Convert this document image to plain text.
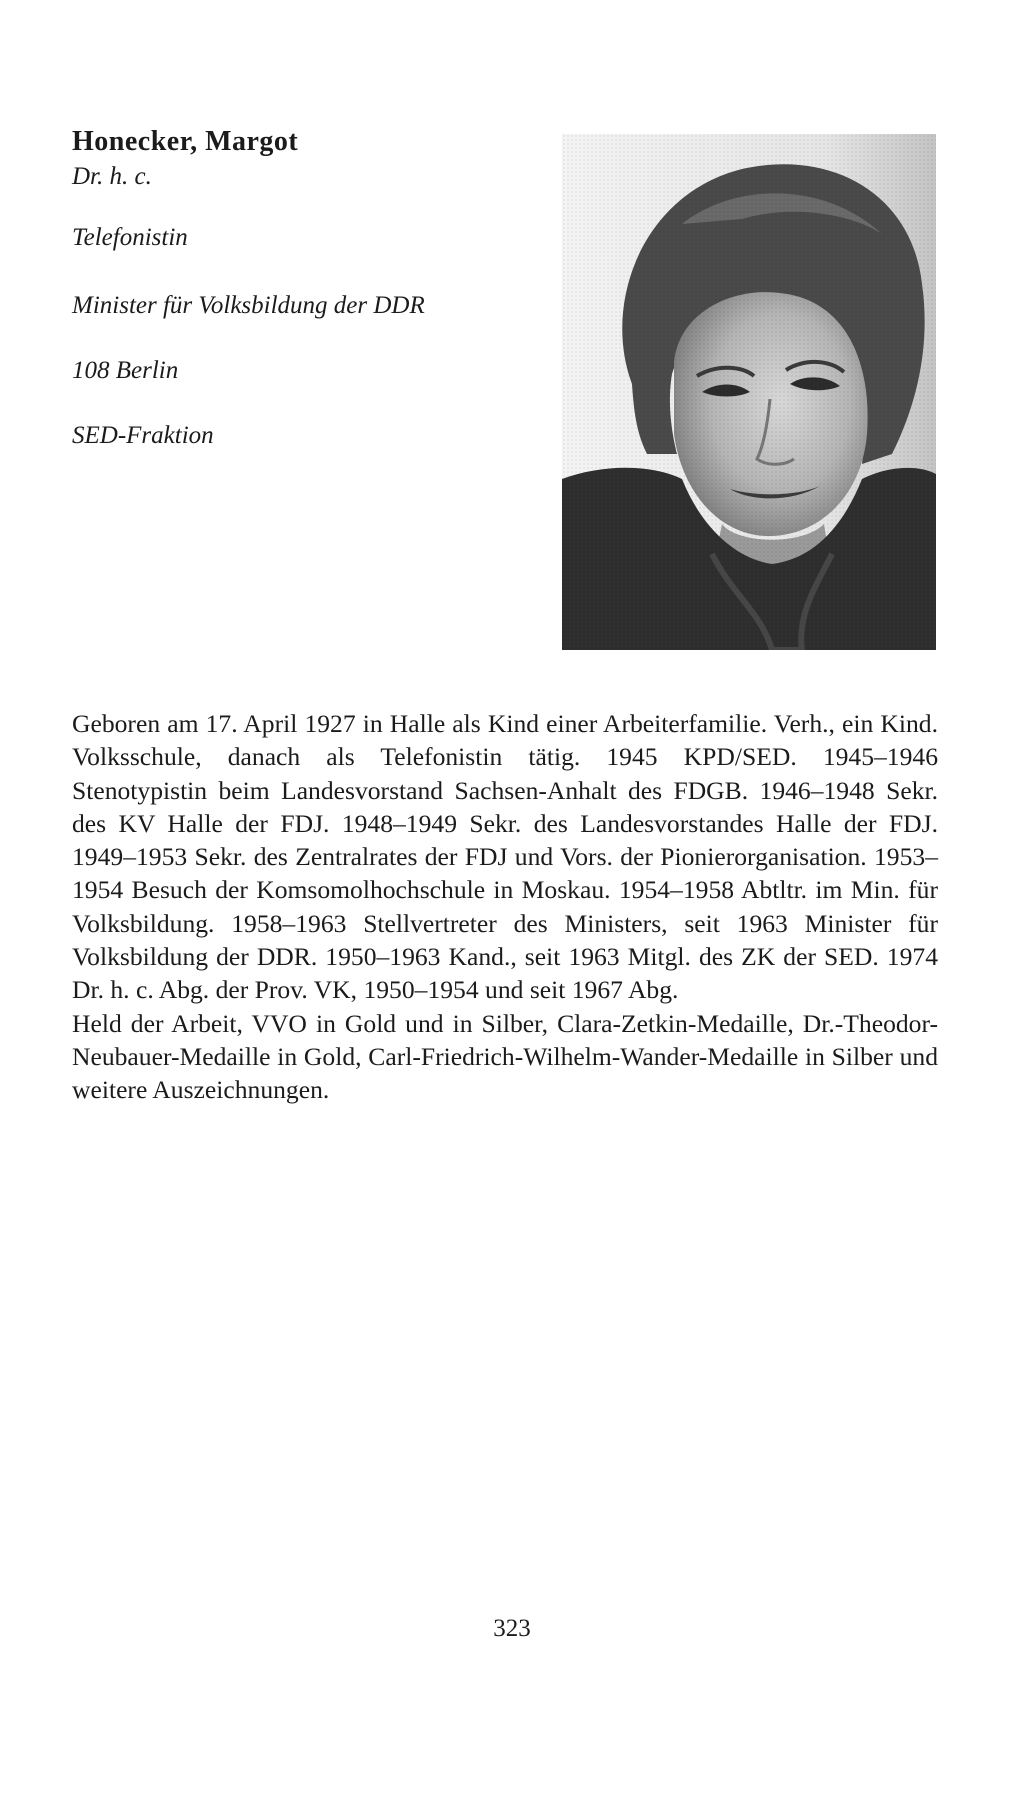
Honecker, Margot
Dr. h. c.
Telefonistin
Minister für Volksbildung der DDR
108 Berlin
SED-Fraktion

Geboren am 17. April 1927 in Halle als Kind einer Arbeiterfamilie. Verh., ein Kind. Volksschule, danach als Telefonistin tätig. 1945 KPD/SED. 1945–1946 Stenotypistin beim Landesvorstand Sachsen-Anhalt des FDGB. 1946–1948 Sekr. des KV Halle der FDJ. 1948–1949 Sekr. des Landesvorstandes Halle der FDJ. 1949–1953 Sekr. des Zentralrates der FDJ und Vors. der Pionierorganisation. 1953–1954 Besuch der Komsomolhochschule in Moskau. 1954–1958 Abtltr. im Min. für Volksbildung. 1958–1963 Stellvertreter des Ministers, seit 1963 Minister für Volksbildung der DDR. 1950–1963 Kand., seit 1963 Mitgl. des ZK der SED. 1974 Dr. h. c. Abg. der Prov. VK, 1950–1954 und seit 1967 Abg.

Held der Arbeit, VVO in Gold und in Silber, Clara-Zetkin-Medaille, Dr.-Theodor-Neubauer-Medaille in Gold, Carl-Friedrich-Wilhelm-Wander-Medaille in Silber und weitere Auszeichnungen.

323
